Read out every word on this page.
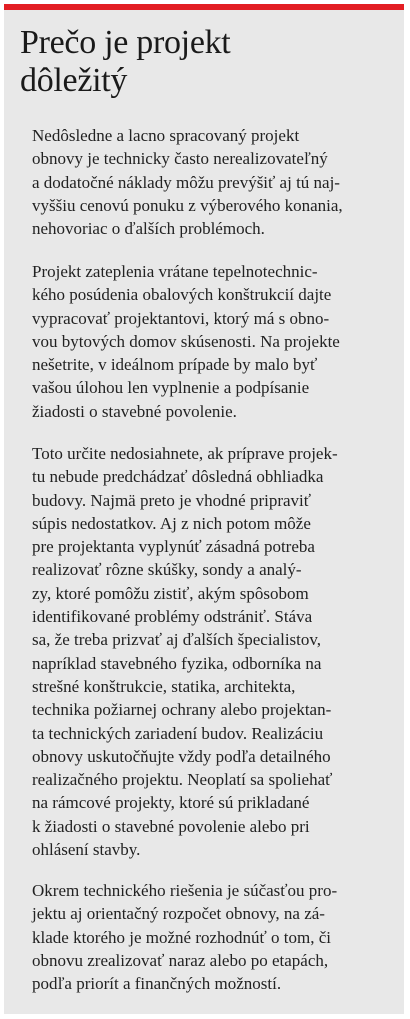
Prečo je projekt
dôležitý

Nedôsledne a lacno spracovaný projekt
obnovy je technicky často nerealizovateľný
a dodatočné náklady môžu prevýšiť aj tú naj-
vyššiu cenovú ponuku z výberového konania,
nehovoriac o ďalších problémoch.

Projekt zateplenia vrátane tepelnotechnic-
kého posúdenia obalových konštrukcií dajte
vypracovať projektantovi, ktorý má s obno-
vou bytových domov skúsenosti. Na projekte
nešetrite, v ideálnom prípade by malo byť
vašou úlohou len vyplnenie a podpísanie
žiadosti o stavebné povolenie.

Toto určite nedosiahnete, ak príprave projek-
tu nebude predchádzať dôsledná obhliadka
budovy. Najmä preto je vhodné pripraviť
súpis nedostatkov. Aj z nich potom môže
pre projektanta vyplynúť zásadná potreba
realizovať rôzne skúšky, sondy a analý-
zy, ktoré pomôžu zistiť, akým spôsobom
identifikované problémy odstrániť. Stáva
sa, že treba prizvať aj ďalších špecialistov,
napríklad stavebného fyzika, odborníka na
strešné konštrukcie, statika, architekta,
technika požiarnej ochrany alebo projektan-
ta technických zariadení budov. Realizáciu
obnovy uskutočňujte vždy podľa detailného
realizačného projektu. Neoplatí sa spoliehať
na rámcové projekty, ktoré sú prikladané
k žiadosti o stavebné povolenie alebo pri
ohlásení stavby.

Okrem technického riešenia je súčasťou pro-
jektu aj orientačný rozpočet obnovy, na zá-
klade ktorého je možné rozhodnúť o tom, či
obnovu zrealizovať naraz alebo po etapách,
podľa priorít a finančných možností.
